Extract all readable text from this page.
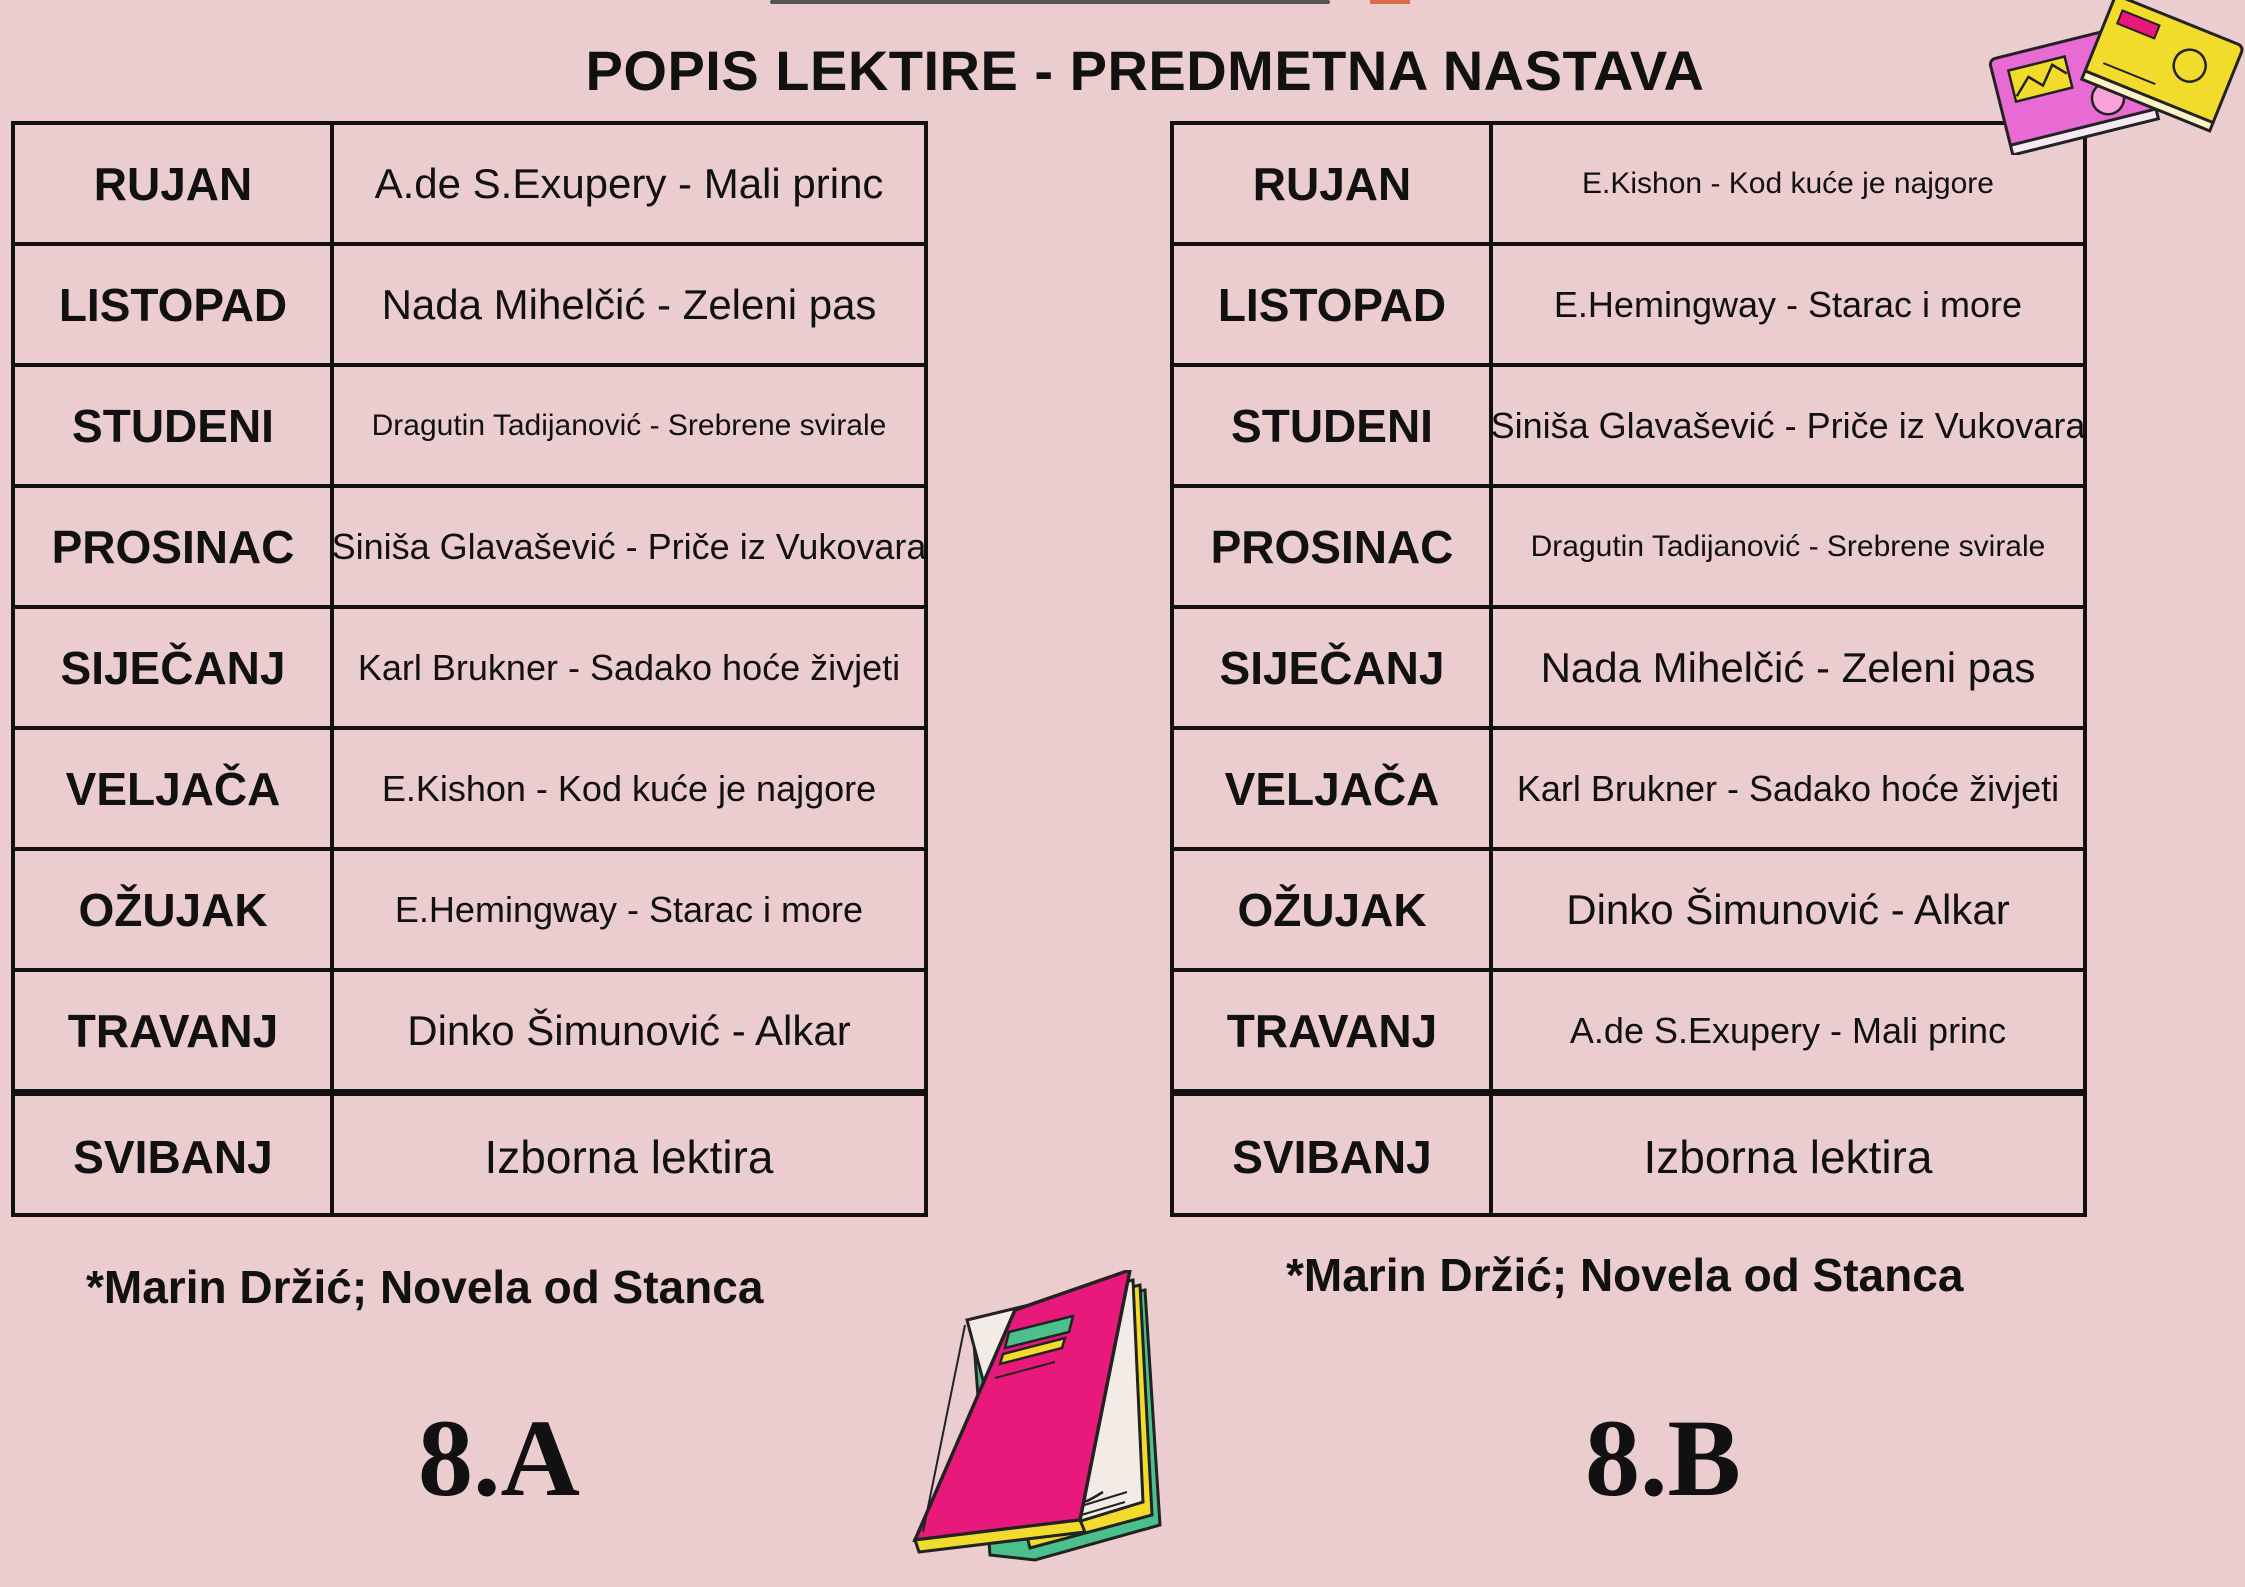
POPIS LEKTIRE - PREDMETNA NASTAVA
RUJAN	A.de S.Exupery - Mali princ
LISTOPAD	Nada Mihelčić - Zeleni pas
STUDENI	Dragutin Tadijanović - Srebrene svirale
PROSINAC	Siniša Glavašević - Priče iz Vukovara
SIJEČANJ	Karl Brukner - Sadako hoće živjeti
VELJAČA	E.Kishon - Kod kuće je najgore
OŽUJAK	E.Hemingway - Starac i more
TRAVANJ	Dinko Šimunović - Alkar
SVIBANJ	Izborna lektira
RUJAN	E.Kishon - Kod kuće je najgore
LISTOPAD	E.Hemingway - Starac i more
STUDENI	Siniša Glavašević - Priče iz Vukovara
PROSINAC	Dragutin Tadijanović - Srebrene svirale
SIJEČANJ	Nada Mihelčić - Zeleni pas
VELJAČA	Karl Brukner - Sadako hoće živjeti
OŽUJAK	Dinko Šimunović - Alkar
TRAVANJ	A.de S.Exupery - Mali princ
SVIBANJ	Izborna lektira
*Marin Držić; Novela od Stanca	*Marin Držić; Novela od Stanca
8.A	8.B
